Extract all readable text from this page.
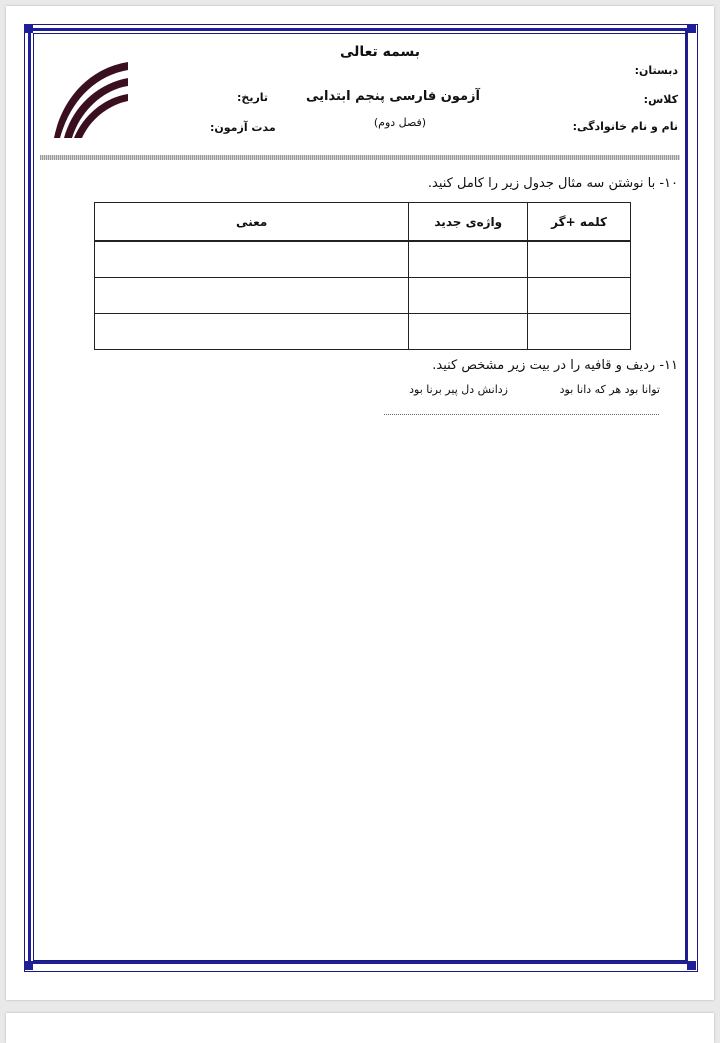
بسمه تعالی
دبستان:
کلاس:
نام و نام خانوادگی:
آزمون فارسی پنجم ابتدایی
(فصل دوم)
تاریخ:
مدت آزمون:
۱۰- با نوشتن سه مثال جدول زیر را کامل کنید.
کلمه +گر	واژه‌ی جدید	معنی

۱۱- ردیف و قافیه را در بیت زیر مشخص کنید.
توانا بود هر که دانا بود
زدانش دل پیر برنا بود
